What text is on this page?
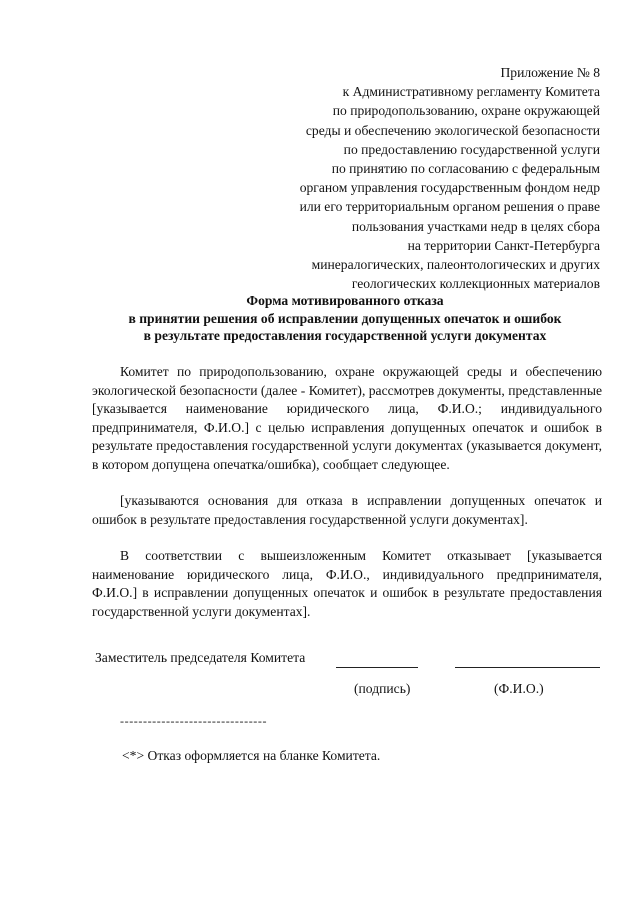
Приложение № 8
к Административному регламенту Комитета
по природопользованию, охране окружающей
среды и обеспечению экологической безопасности
по предоставлению государственной услуги
по принятию по согласованию с федеральным
органом управления государственным фондом недр
или его территориальным органом решения о праве
пользования участками недр в целях сбора
на территории Санкт-Петербурга
минералогических, палеонтологических и других
геологических коллекционных материалов
Форма мотивированного отказа
в принятии решения об исправлении допущенных опечаток и ошибок
в результате предоставления государственной услуги документах

Комитет по природопользованию, охране окружающей среды и обеспечению экологической безопасности (далее - Комитет), рассмотрев документы, представленные [указывается наименование юридического лица, Ф.И.О.; индивидуального предпринимателя, Ф.И.О.] с целью исправления допущенных опечаток и ошибок в результате предоставления государственной услуги документах (указывается документ, в котором допущена опечатка/ошибка), сообщает следующее.

[указываются основания для отказа в исправлении допущенных опечаток и ошибок в результате предоставления государственной услуги документах].

В соответствии с вышеизложенным Комитет отказывает [указывается наименование юридического лица, Ф.И.О., индивидуального предпринимателя, Ф.И.О.] в исправлении допущенных опечаток и ошибок в результате предоставления государственной услуги документах].

Заместитель председателя Комитета
(подпись)	(Ф.И.О.)
--------------------------------
<*> Отказ оформляется на бланке Комитета.
